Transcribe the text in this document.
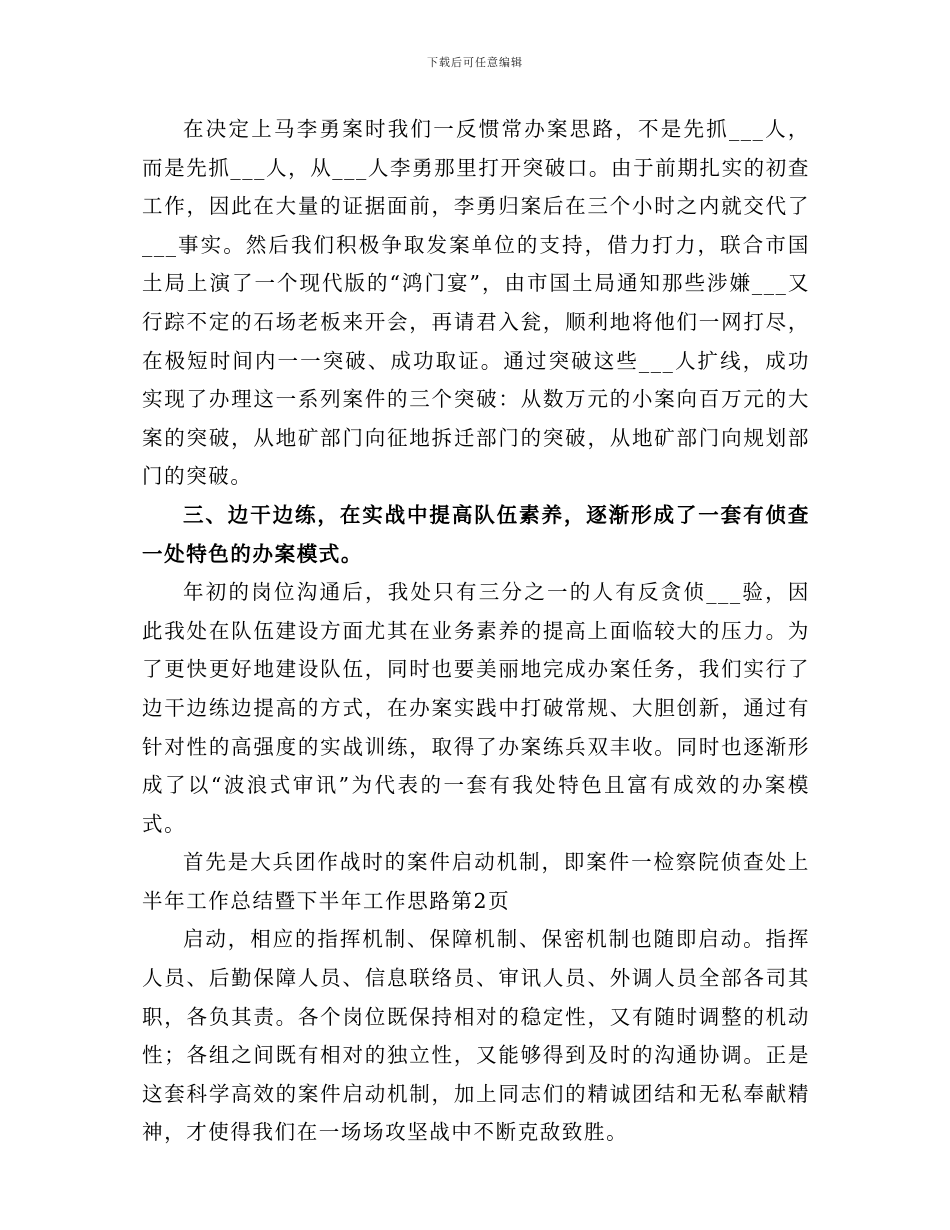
下载后可任意编辑

在决定上马李勇案时我们一反惯常办案思路，不是先抓___人，而是先抓___人，从___人李勇那里打开突破口。由于前期扎实的初查工作，因此在大量的证据面前，李勇归案后在三个小时之内就交代了___事实。然后我们积极争取发案单位的支持，借力打力，联合市国土局上演了一个现代版的“鸿门宴”，由市国土局通知那些涉嫌___又行踪不定的石场老板来开会，再请君入瓮，顺利地将他们一网打尽，在极短时间内一一突破、成功取证。通过突破这些___人扩线，成功实现了办理这一系列案件的三个突破：从数万元的小案向百万元的大案的突破，从地矿部门向征地拆迁部门的突破，从地矿部门向规划部门的突破。

三、边干边练，在实战中提高队伍素养，逐渐形成了一套有侦查一处特色的办案模式。

年初的岗位沟通后，我处只有三分之一的人有反贪侦___验，因此我处在队伍建设方面尤其在业务素养的提高上面临较大的压力。为了更快更好地建设队伍，同时也要美丽地完成办案任务，我们实行了边干边练边提高的方式，在办案实践中打破常规、大胆创新，通过有针对性的高强度的实战训练，取得了办案练兵双丰收。同时也逐渐形成了以“波浪式审讯”为代表的一套有我处特色且富有成效的办案模式。

首先是大兵团作战时的案件启动机制，即案件一检察院侦查处上半年工作总结暨下半年工作思路第2页

启动，相应的指挥机制、保障机制、保密机制也随即启动。指挥人员、后勤保障人员、信息联络员、审讯人员、外调人员全部各司其职，各负其责。各个岗位既保持相对的稳定性，又有随时调整的机动性；各组之间既有相对的独立性，又能够得到及时的沟通协调。正是这套科学高效的案件启动机制，加上同志们的精诚团结和无私奉献精神，才使得我们在一场场攻坚战中不断克敌致胜。
